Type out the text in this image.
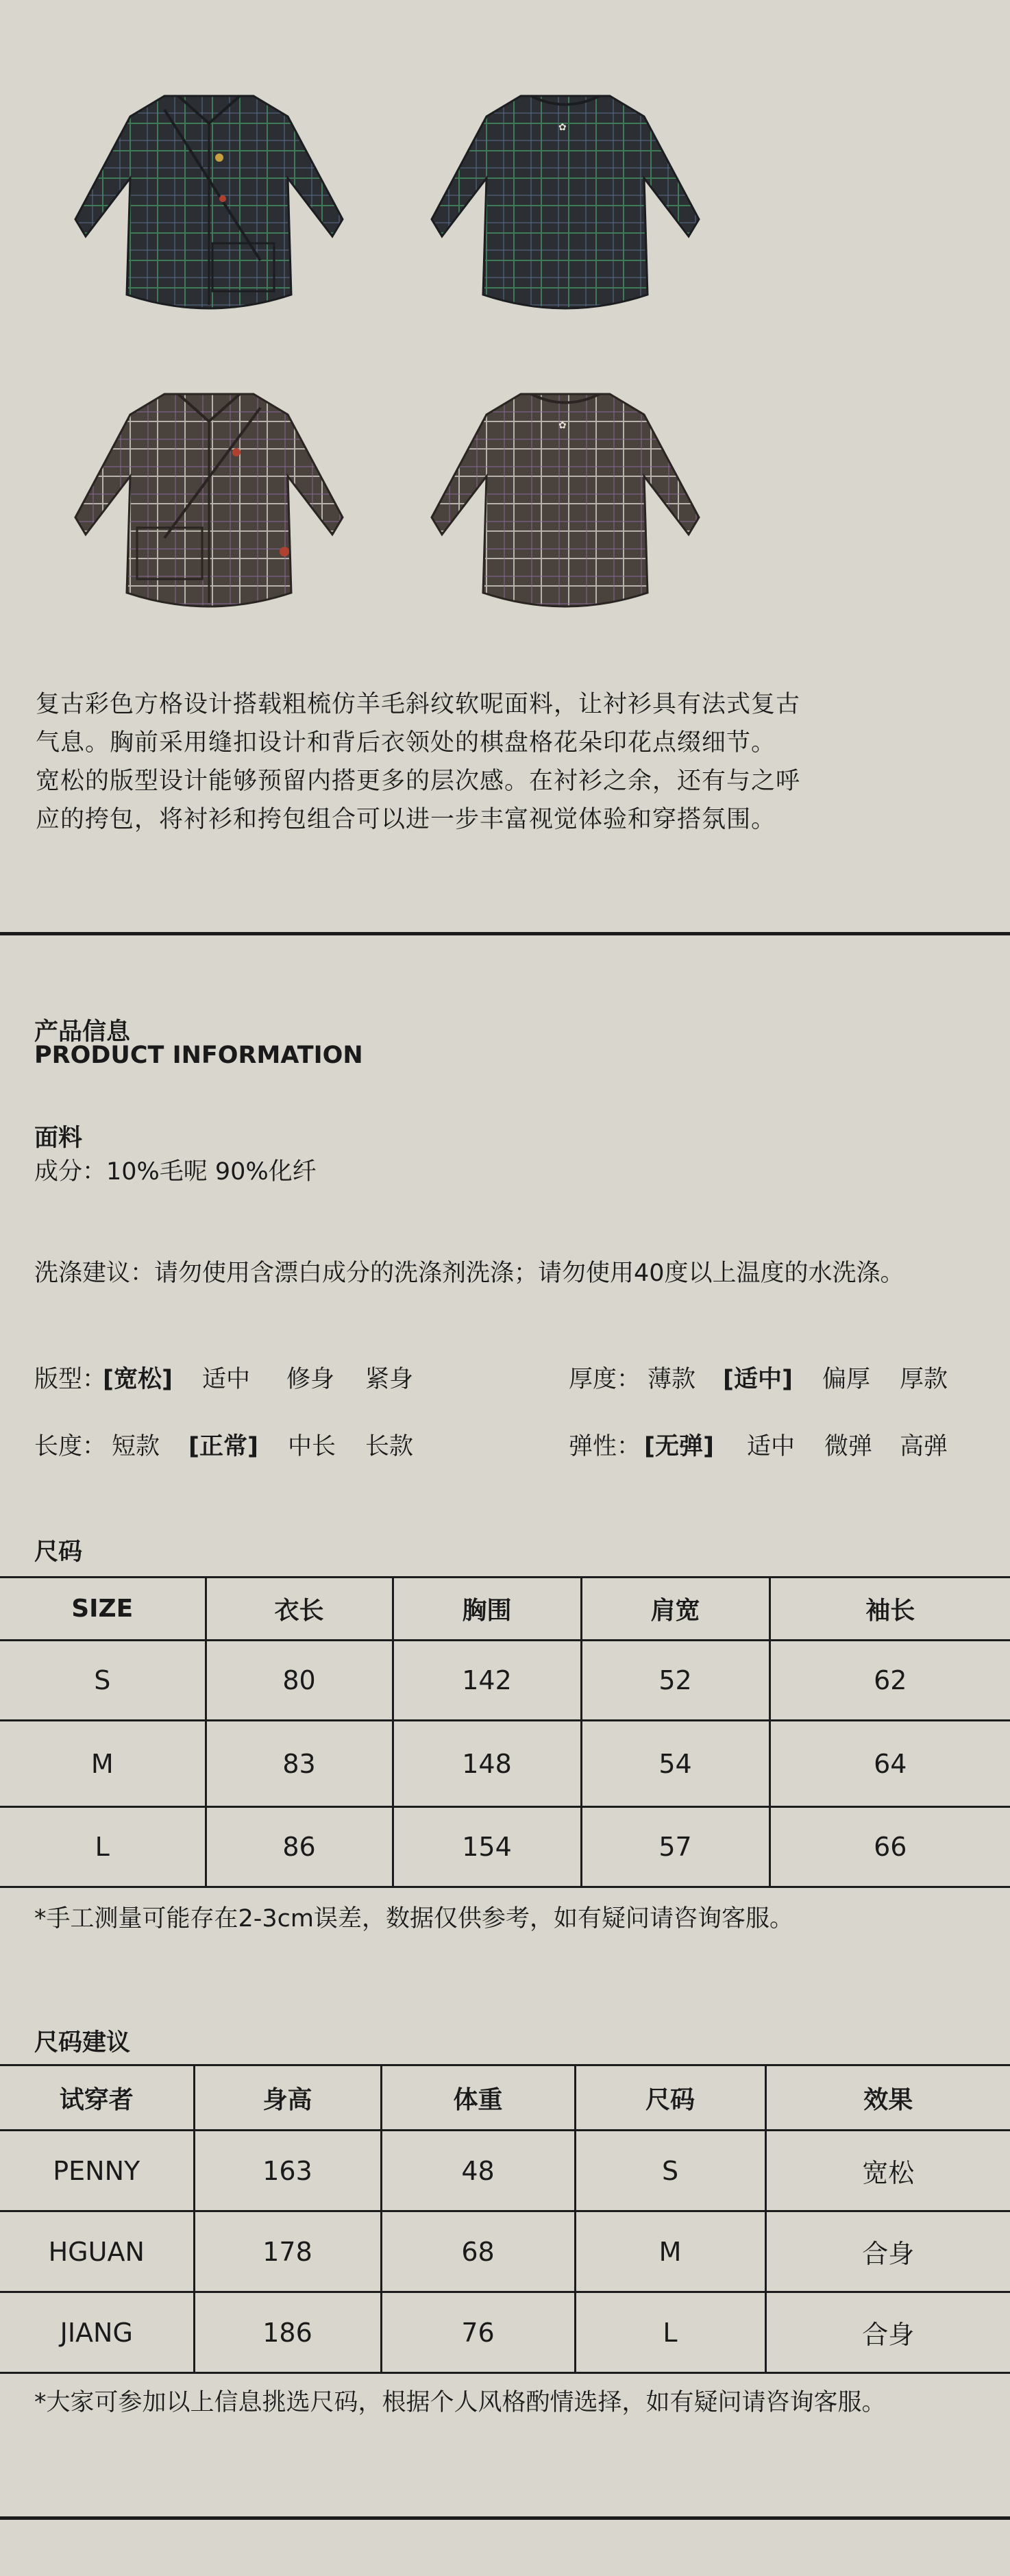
✿
✿

复古彩色方格设计搭载粗梳仿羊毛斜纹软呢面料，让衬衫具有法式复古

气息。胸前采用缝扣设计和背后衣领处的棋盘格花朵印花点缀细节。

宽松的版型设计能够预留内搭更多的层次感。在衬衫之余，还有与之呼

应的挎包，将衬衫和挎包组合可以进一步丰富视觉体验和穿搭氛围。

产品信息
PRODUCT INFORMATION
面料
成分：10%毛呢 90%化纤
洗涤建议：请勿使用含漂白成分的洗涤剂洗涤；请勿使用40度以上温度的水洗涤。
版型：
[宽松] 适中 修身 紧身	厚度： 薄款 [适中] 偏厚 厚款
长度： 短款 [正常] 中长 长款	弹性： [无弹] 适中 微弹 高弹
尺码
SIZE	衣长	胸围	肩宽	袖长
S	80	142	52	62
M	83	148	54	64
L	86	154	57	66
*手工测量可能存在2-3cm误差，数据仅供参考，如有疑问请咨询客服。
尺码建议
试穿者	身高	体重	尺码	效果
PENNY	163	48	S	宽松
HGUAN	178	68	M	合身
JIANG	186	76	L	合身
*大家可参加以上信息挑选尺码，根据个人风格酌情选择，如有疑问请咨询客服。
